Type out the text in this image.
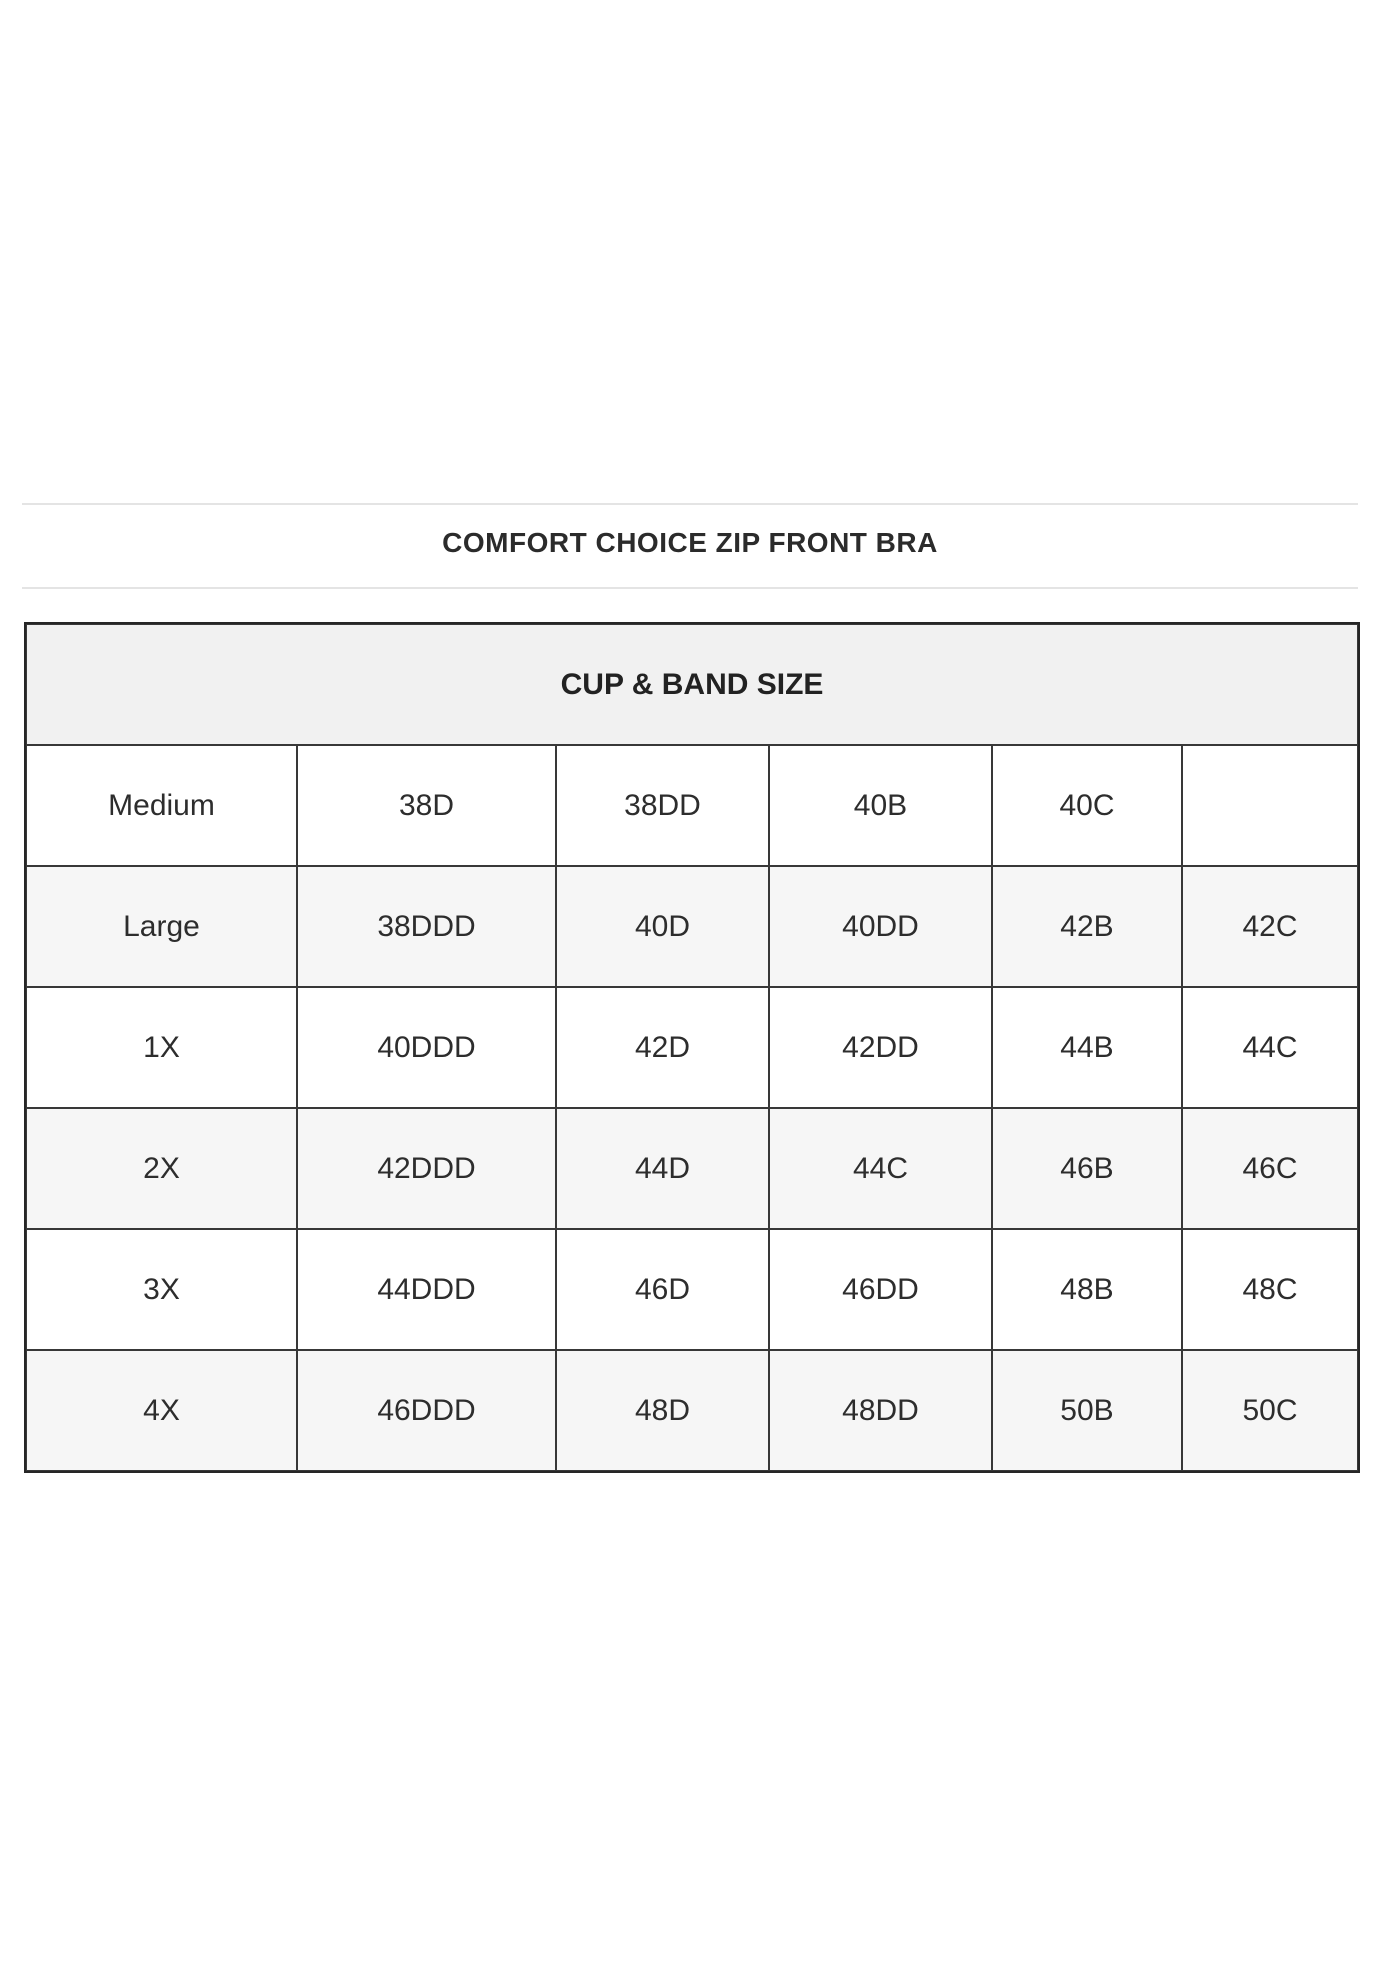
COMFORT CHOICE ZIP FRONT BRA
CUP & BAND SIZE					
Medium	38D	38DD	40B	40C	
Large	38DDD	40D	40DD	42B	42C
1X	40DDD	42D	42DD	44B	44C
2X	42DDD	44D	44C	46B	46C
3X	44DDD	46D	46DD	48B	48C
4X	46DDD	48D	48DD	50B	50C
